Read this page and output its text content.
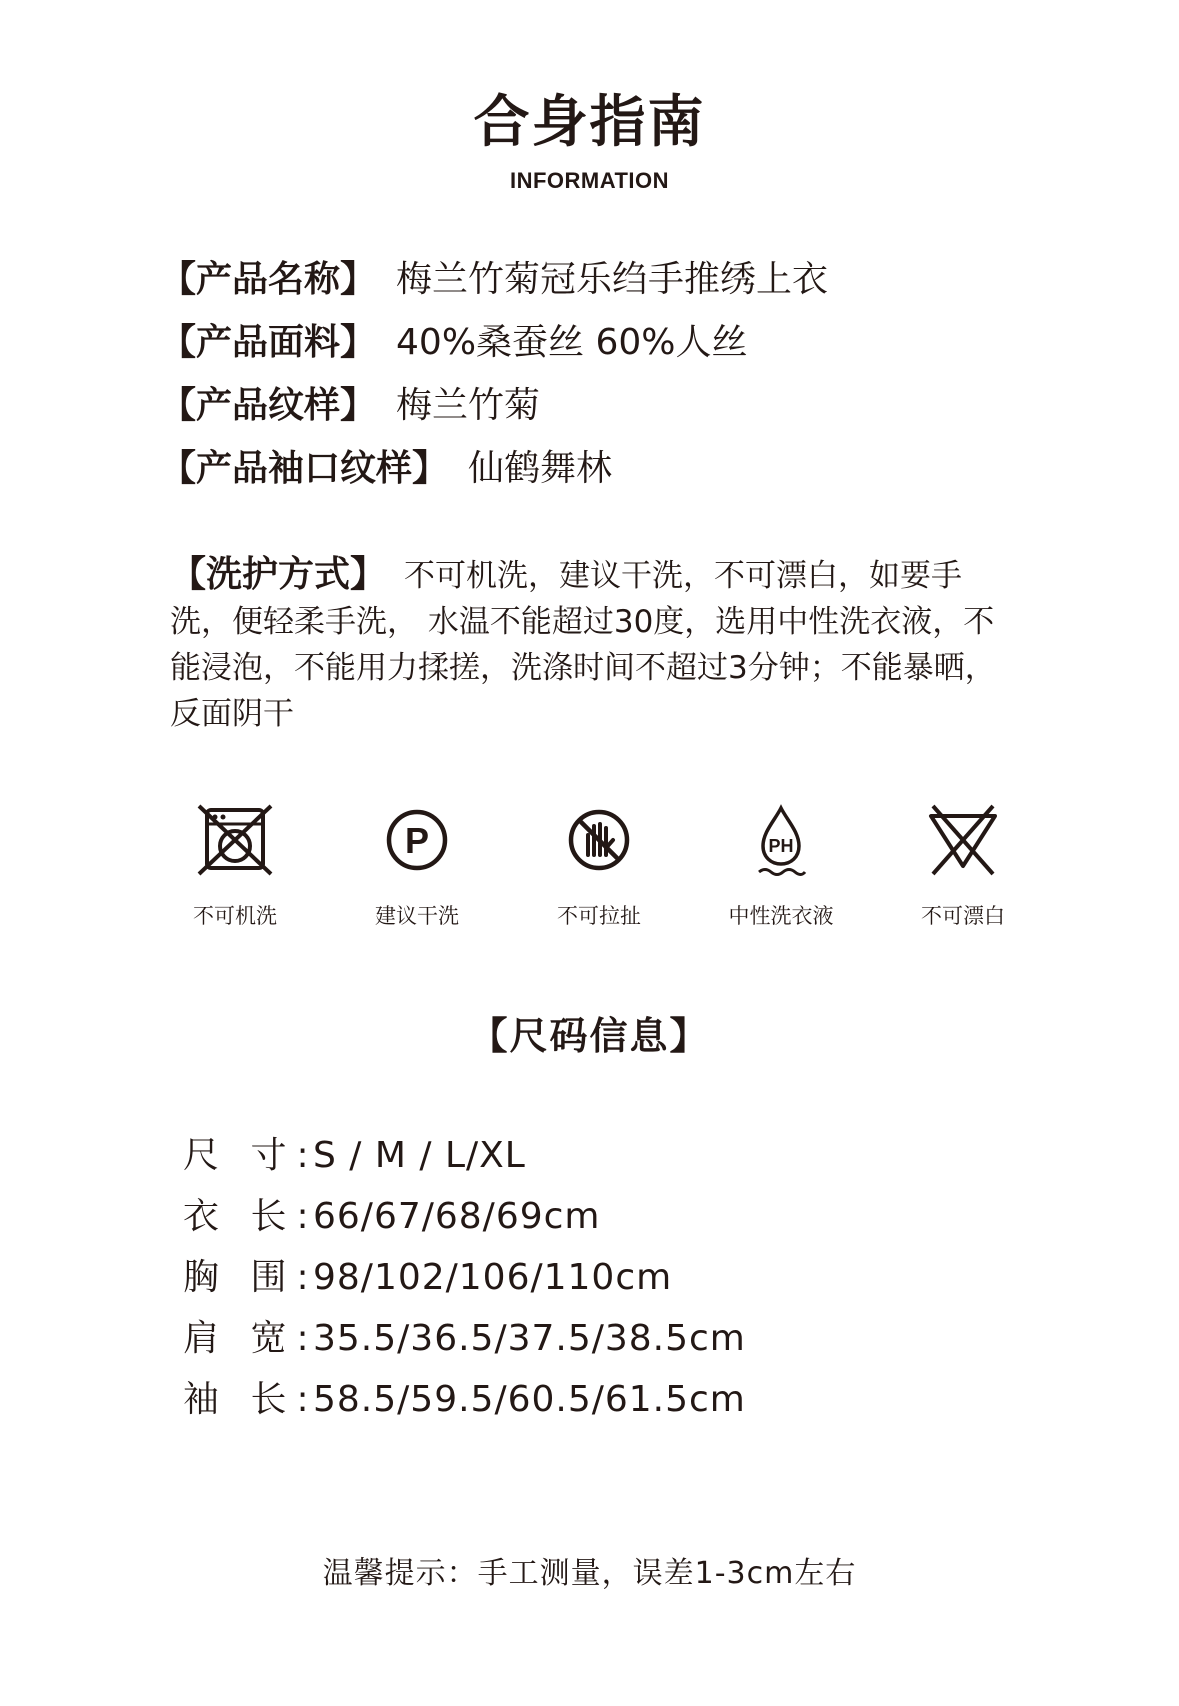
合身指南
INFORMATION
【产品名称】 梅兰竹菊冠乐绉手推绣上衣
【产品面料】 40%桑蚕丝 60%人丝
【产品纹样】 梅兰竹菊
【产品袖口纹样】 仙鹤舞林
【洗护方式】 不可机洗，建议干洗，不可漂白，如要手洗，便轻柔手洗， 水温不能超过30度，选用中性洗衣液，不能浸泡，不能用力揉搓，洗涤时间不超过3分钟；不能暴晒，反面阴干
不可机洗
P
建议干洗	不可拉扯
PH
中性洗衣液	不可漂白
【尺码信息】
尺 寸:S / M / L/XL
衣 长:66/67/68/69cm
胸 围:98/102/106/110cm
肩 宽:35.5/36.5/37.5/38.5cm
袖 长:58.5/59.5/60.5/61.5cm
温馨提示：手工测量，误差1-3cm左右
